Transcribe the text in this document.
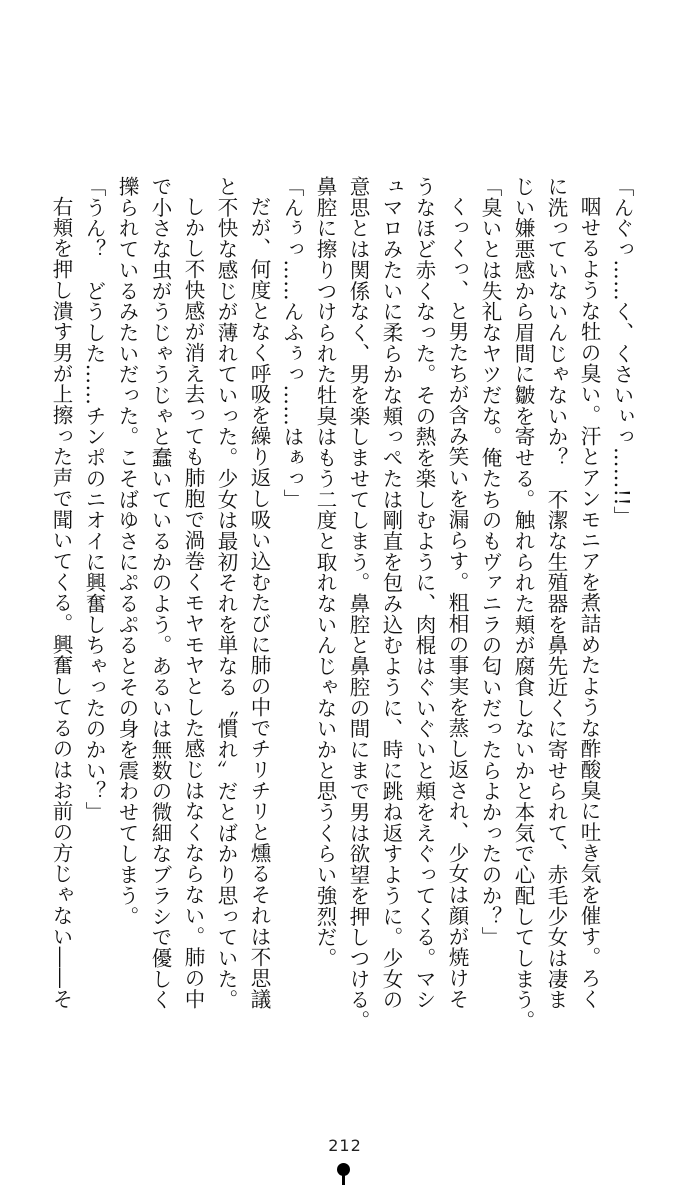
「んぐっ……く、くさいぃっ……!!」
咽せるような牡の臭い。汗とアンモニアを煮詰めたような酢酸臭に吐き気を催す。ろく
に洗っていないんじゃないか？　不潔な生殖器を鼻先近くに寄せられて、赤毛少女は凄ま
じい嫌悪感から眉間に皺を寄せる。触れられた頬が腐食しないかと本気で心配してしまう。
「臭いとは失礼なヤツだな。俺たちのもヴァニラの匂いだったらよかったのか？」
くっくっ、と男たちが含み笑いを漏らす。粗相の事実を蒸し返され、少女は顔が焼けそ
うなほど赤くなった。その熱を楽しむように、肉棍はぐいぐいと頬をえぐってくる。マシ
ュマロみたいに柔らかな頬っぺたは剛直を包み込むように、時に跳ね返すように。少女の
意思とは関係なく、男を楽しませてしまう。鼻腔と鼻腔の間にまで男は欲望を押しつける。
鼻腔に擦りつけられた牡臭はもう二度と取れないんじゃないかと思うくらい強烈だ。
「んぅっ……んふぅっ……はぁっ」
だが、何度となく呼吸を繰り返し吸い込むたびに肺の中でチリチリと燻るそれは不思議
と不快な感じが薄れていった。少女は最初それを単なる〝慣れ〟だとばかり思っていた。
しかし不快感が消え去っても肺胞で渦巻くモヤモヤとした感じはなくならない。肺の中
で小さな虫がうじゃうじゃと蠢いているかのよう。あるいは無数の微細なブラシで優しく
擽られているみたいだった。こそばゆさにぷるぷるとその身を震わせてしまう。
「うん？　どうした……チンポのニオイに興奮しちゃったのかい？」
右頬を押し潰す男が上擦った声で聞いてくる。興奮してるのはお前の方じゃない――そ
212
